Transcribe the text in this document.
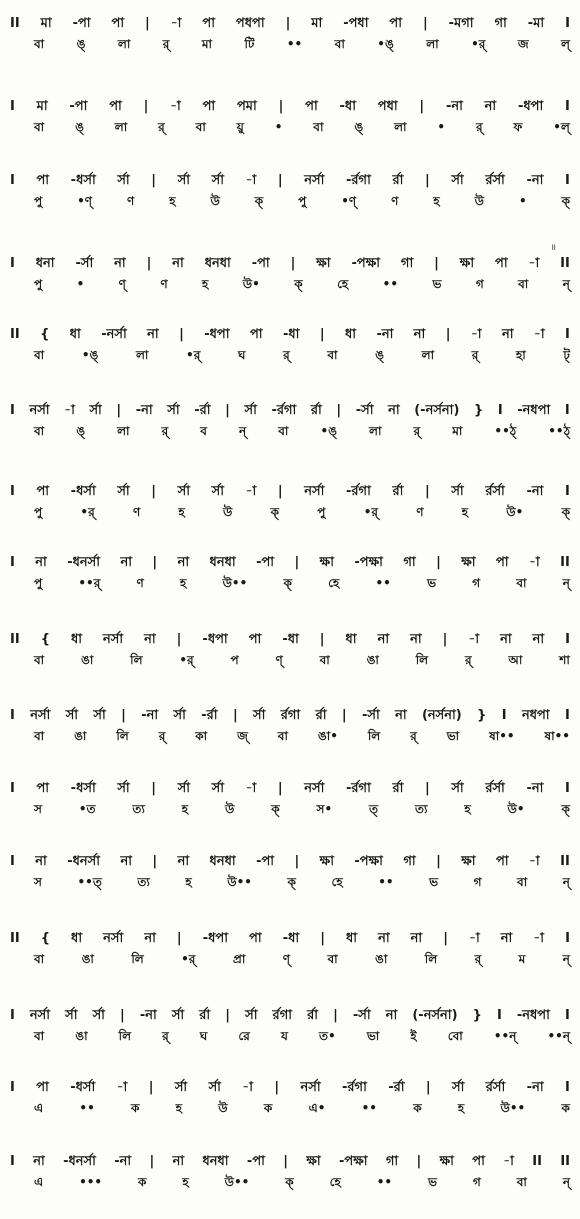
II মা -পা পা | -া পা পধপা | মা -পধা পা | -মগা গা -মা I
বা	ঙ্	লা	র্	মা	টি	••	বা	•ঙ্	লা	•র্	জ	ল্
I মা -পা পা | -া পা পমা | পা -ধা পধা | -না না -ধপা I
বা	ঙ্	লা	র্	বা	য়ু	•	বা	ঙ্	লা	•	র্	ফ	•ল্
I পা -ধর্সা র্সা | র্সা র্সা -া | নর্সা -র্রগা র্রা | র্সা র্রর্সা -না I
পু	•ণ্	ণ	হ	উ	ক্	পু	•ণ্	ণ	হ	উ	•	ক্
I ধনা -র্সা না | না ধনধা -পা | ক্ষা -পক্ষা গা | ক্ষা পা -া II
পু	•	ণ্	ণ	হ	উ•	ক্	হে	••	ভ	গ	বা	ন্
॥
II { ধা -নর্সা না | -ধপা পা -ধা | ধা -না না | -া না -া I
বা	•ঙ্	লা	•র্	ঘ	র্	বা	ঙ্	লা	র্	হা	ট্
I নর্সা -া র্সা | -না র্সা -র্রা | র্সা -র্রগা র্রা | -র্সা না (-নর্সনা) } I -নধপা I
বা	ঙ্	লা	র্	ব	ন্	বা	•ঙ্	লা	র্	মা	••ঠ্	••ঠ্
I পা -ধর্সা র্সা | র্সা র্সা -া | নর্সা -র্রগা র্রা | র্সা র্রর্সা -না I
পু	•র্	ণ	হ	উ	ক্	পু	•র্	ণ	হ	উ•	ক্
I না -ধনর্সা না | না ধনধা -পা | ক্ষা -পক্ষা গা | ক্ষা পা -া II
পু	••র্	ণ	হ	উ••	ক্	হে	••	ভ	গ	বা	ন্
II { ধা নর্সা না | -ধপা পা -ধা | ধা না না | -া না না I
বা	ঙা	লি	•র্	প	ণ্	বা	ঙা	লি	র্	আ	শা
I নর্সা র্সা র্সা | -না র্সা -র্রা | র্সা র্রগা র্রা | -র্সা না (নর্সনা) } I নধপা I
বা ঙা লি র্ কা জ্ বা ঙা• লি র্ ভা ষা•• ষা••
I পা -ধর্সা র্সা | র্সা র্সা -া | নর্সা -র্রগা র্রা | র্সা র্রর্সা -না I
স	•ত	ত্য	হ	উ	ক্	স•	ত্	ত্য	হ	উ•	ক্
I না -ধনর্সা না | না ধনধা -পা | ক্ষা -পক্ষা গা | ক্ষা পা -া II
স	••ত্	ত্য	হ	উ••	ক্	হে	••	ভ	গ	বা	ন্
II { ধা নর্সা না | -ধপা পা -ধা | ধা না না | -া না -া I
বা	ঙা	লি	•র্	প্রা	ণ্	বা	ঙা	লি	র্	ম	ন্
I নর্সা র্সা র্সা | -না র্সা র্রা | র্সা র্রগা র্রা | -র্সা না (-নর্সনা) } I -নধপা I
বা	ঙা	লি	র্	ঘ	রে	য	ত•	ভা	ই	বো	••ন্	••ন্
I পা -ধর্সা -া | র্সা র্সা -া | নর্সা -র্রগা -র্রা | র্সা র্রর্সা -না I
এ	••	ক	হ	উ	ক	এ•	••	ক	হ	উ••	ক
I না -ধনর্সা -না | না ধনধা -পা | ক্ষা -পক্ষা গা | ক্ষা পা -া II II
এ	•••	ক	হ	উ••	ক্	হে	••	ভ	গ	বা	ন্
